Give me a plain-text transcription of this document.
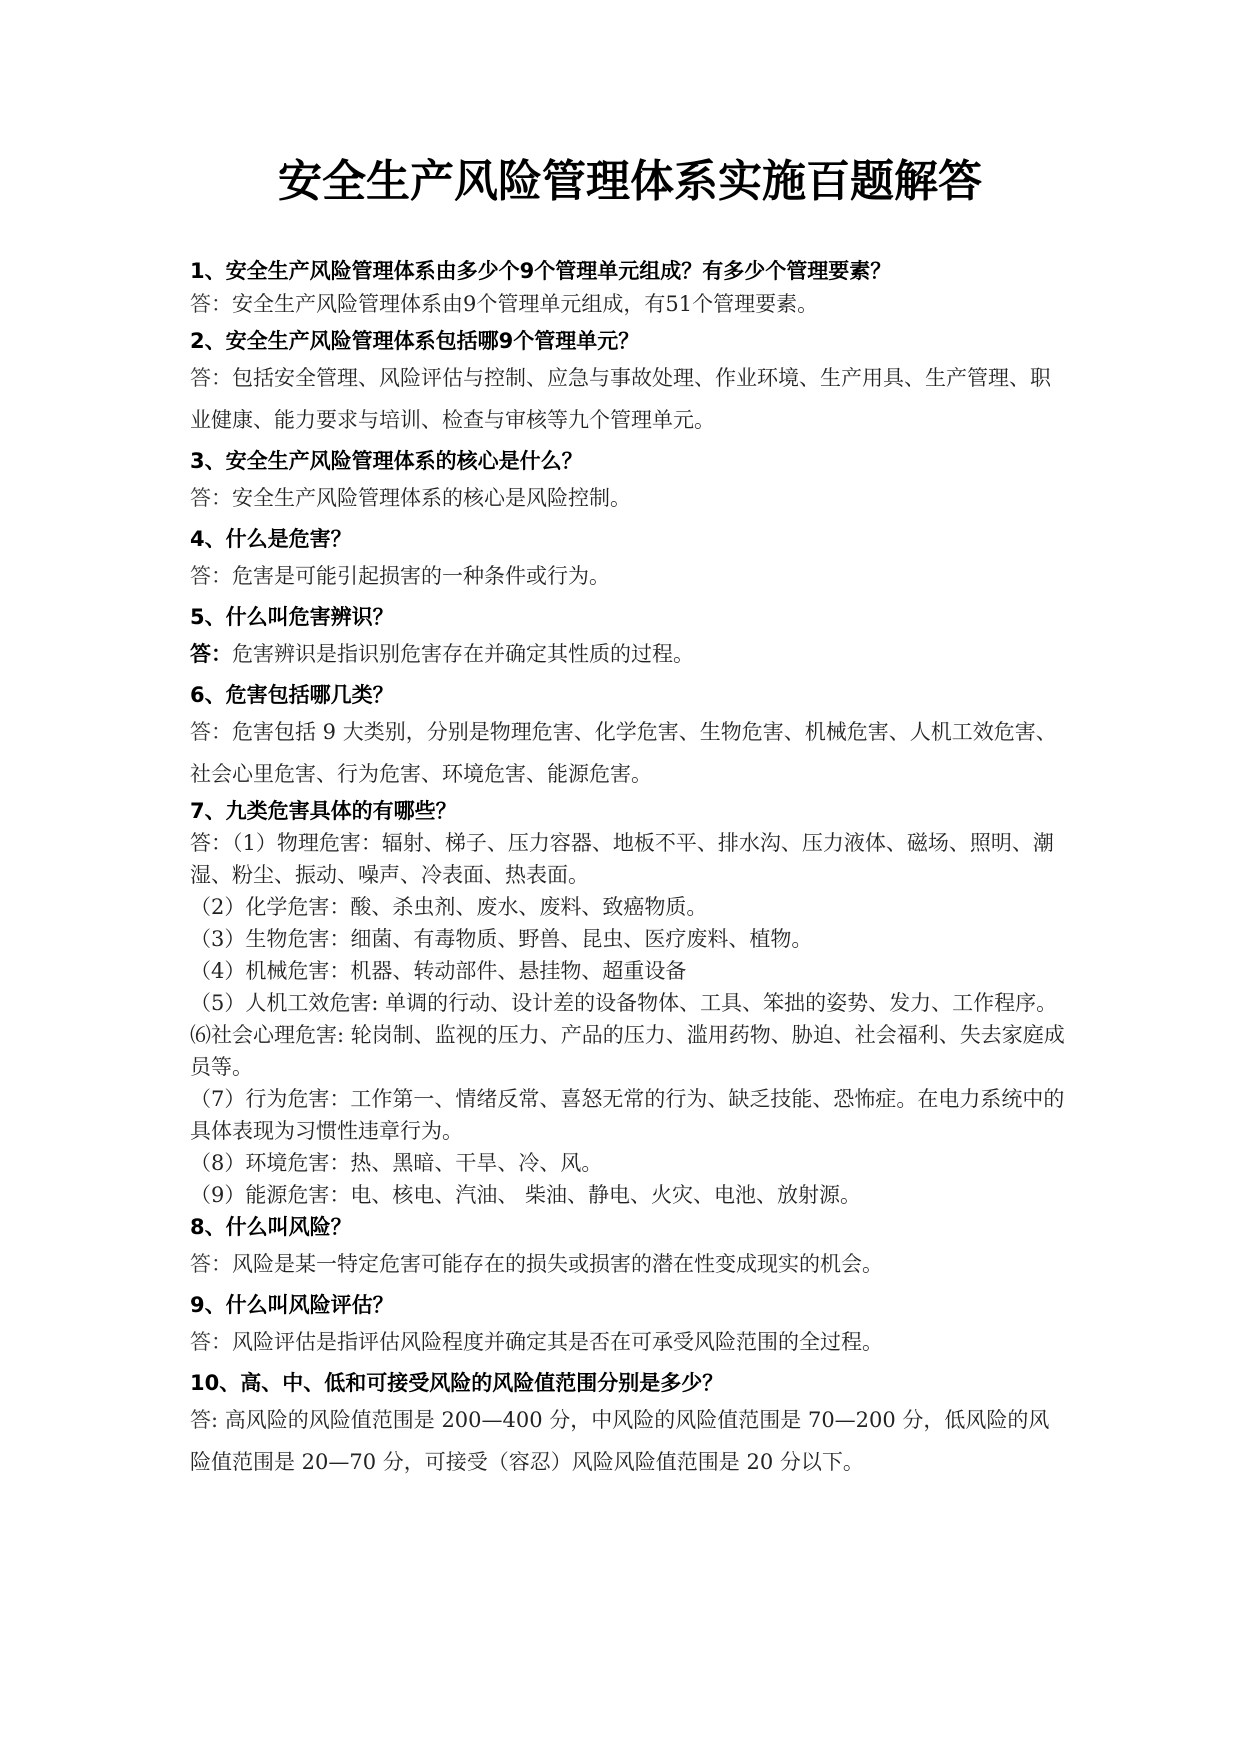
安全生产风险管理体系实施百题解答
1、安全生产风险管理体系由多少个9个管理单元组成？有多少个管理要素？

答：安全生产风险管理体系由9个管理单元组成，有51个管理要素。

2、安全生产风险管理体系包括哪9个管理单元？

答：包括安全管理、风险评估与控制、应急与事故处理、作业环境、生产用具、生产管理、职业健康、能力要求与培训、检查与审核等九个管理单元。

3、安全生产风险管理体系的核心是什么？

答：安全生产风险管理体系的核心是风险控制。

4、什么是危害？

答：危害是可能引起损害的一种条件或行为。

5、什么叫危害辨识？

答：危害辨识是指识别危害存在并确定其性质的过程。

6、危害包括哪几类？

答：危害包括 9 大类别，分别是物理危害、化学危害、生物危害、机械危害、人机工效危害、社会心里危害、行为危害、环境危害、能源危害。

7、九类危害具体的有哪些？

答：（1）物理危害：辐射、梯子、压力容器、地板不平、排水沟、压力液体、磁场、照明、潮湿、粉尘、振动、噪声、冷表面、热表面。

（2）化学危害：酸、杀虫剂、废水、废料、致癌物质。

（3）生物危害：细菌、有毒物质、野兽、昆虫、医疗废料、植物。

（4）机械危害：机器、转动部件、悬挂物、超重设备

（5）人机工效危害: 单调的行动、设计差的设备物体、工具、笨拙的姿势、发力、工作程序。

⑹社会心理危害: 轮岗制、监视的压力、产品的压力、滥用药物、胁迫、社会福利、失去家庭成员等。

（7）行为危害：工作第一、情绪反常、喜怒无常的行为、缺乏技能、恐怖症。在电力系统中的具体表现为习惯性违章行为。

（8）环境危害：热、黑暗、干旱、冷、风。

（9）能源危害：电、核电、汽油、 柴油、静电、火灾、电池、放射源。

8、什么叫风险？

答：风险是某一特定危害可能存在的损失或损害的潜在性变成现实的机会。

9、什么叫风险评估？

答：风险评估是指评估风险程度并确定其是否在可承受风险范围的全过程。

10、高、中、低和可接受风险的风险值范围分别是多少？

答: 高风险的风险值范围是 200—400 分，中风险的风险值范围是 70—200 分，低风险的风险值范围是 20—70 分，可接受（容忍）风险风险值范围是 20 分以下。
